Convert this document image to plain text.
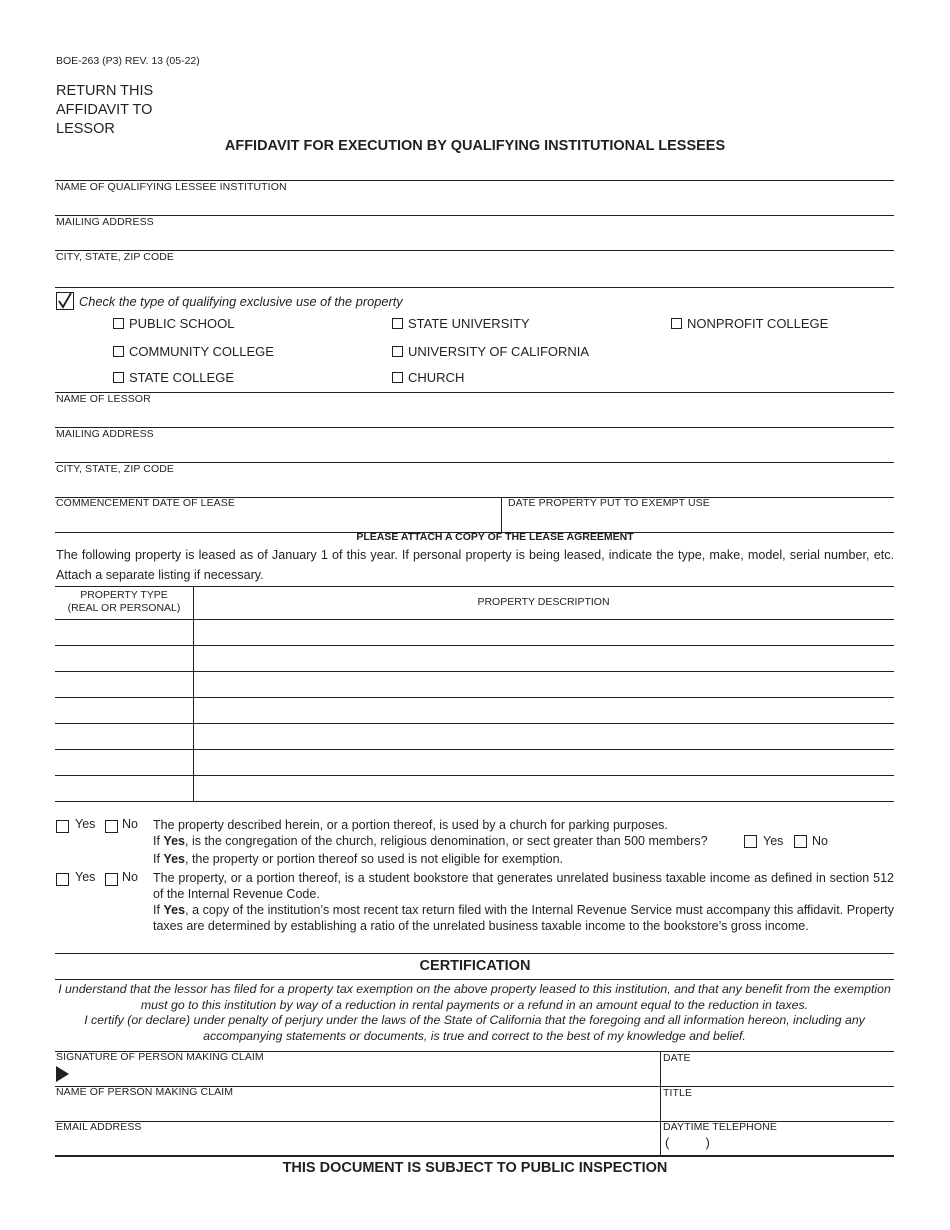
BOE-263 (P3) REV. 13 (05-22)
RETURN THIS
AFFIDAVIT TO
LESSOR
AFFIDAVIT FOR EXECUTION BY QUALIFYING INSTITUTIONAL LESSEES
NAME OF QUALIFYING LESSEE INSTITUTION
MAILING ADDRESS
CITY, STATE, ZIP CODE
Check the type of qualifying exclusive use of the property
PUBLIC SCHOOL	STATE UNIVERSITY	NONPROFIT COLLEGE
COMMUNITY COLLEGE	UNIVERSITY OF CALIFORNIA
STATE COLLEGE	CHURCH
NAME OF LESSOR
MAILING ADDRESS
CITY, STATE, ZIP CODE
COMMENCEMENT DATE OF LEASE	DATE PROPERTY PUT TO EXEMPT USE
PLEASE ATTACH A COPY OF THE LEASE AGREEMENT
The following property is leased as of January 1 of this year. If personal property is being leased, indicate the type, make, model, serial number, etc. Attach a separate listing if necessary.
PROPERTY TYPE
(REAL OR PERSONAL)	PROPERTY DESCRIPTION
Yes No The property described herein, or a portion thereof, is used by a church for parking purposes.
If Yes, is the congregation of the church, religious denomination, or sect greater than 500 members?	Yes No
If Yes, the property or portion thereof so used is not eligible for exemption.
Yes No The property, or a portion thereof, is a student bookstore that generates unrelated business taxable income as defined in section 512 of the Internal Revenue Code.
If Yes, a copy of the institution’s most recent tax return filed with the Internal Revenue Service must accompany this affidavit. Property taxes are determined by establishing a ratio of the unrelated business taxable income to the bookstore’s gross income.
CERTIFICATION
I understand that the lessor has filed for a property tax exemption on the above property leased to this institution, and that any benefit from the exemption must go to this institution by way of a reduction in rental payments or a refund in an amount equal to the reduction in taxes.
I certify (or declare) under penalty of perjury under the laws of the State of California that the foregoing and all information hereon, including any accompanying statements or documents, is true and correct to the best of my knowledge and belief.
SIGNATURE OF PERSON MAKING CLAIM	DATE
NAME OF PERSON MAKING CLAIM	TITLE
EMAIL ADDRESS	DAYTIME TELEPHONE
(          )
THIS DOCUMENT IS SUBJECT TO PUBLIC INSPECTION
